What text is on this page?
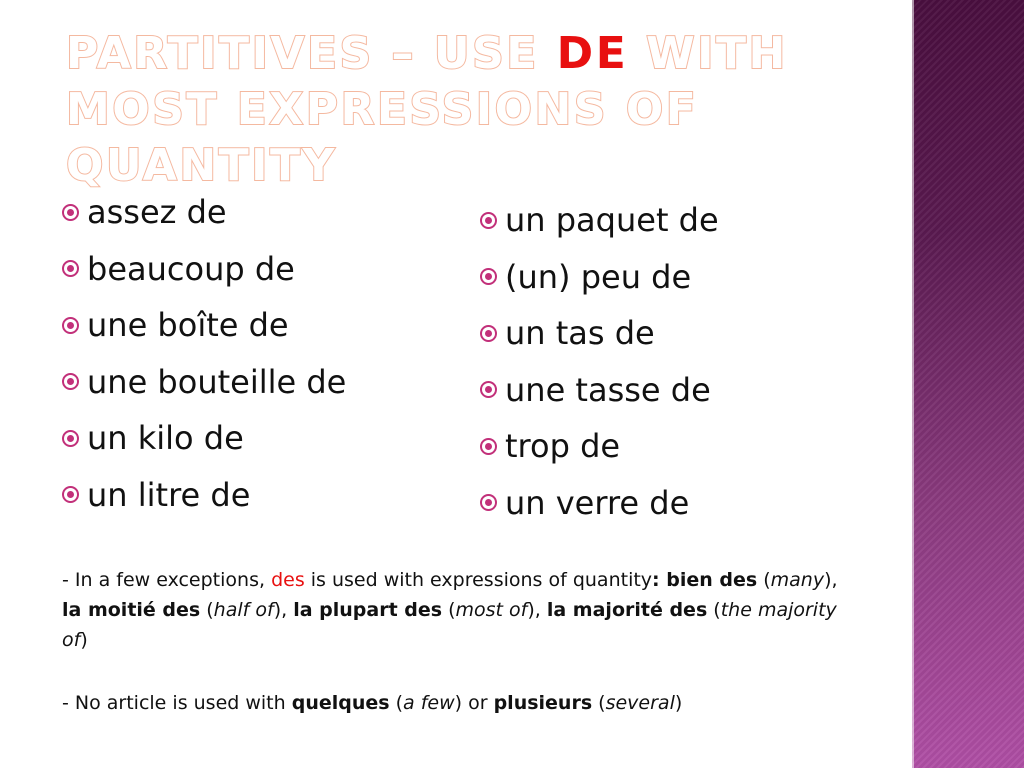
PARTITIVES – USE DE WITH MOST EXPRESSIONS OF QUANTITY
assez de
beaucoup de
une boîte de
une bouteille de
un kilo de
un litre de
un paquet de
(un) peu de
un tas de
une tasse de
trop de
un verre de

- In a few exceptions, des is used with expressions of quantity: bien des (many), la moitié des (half of), la plupart des (most of), la majorité des (the majority of)

- No article is used with quelques (a few) or plusieurs (several)
